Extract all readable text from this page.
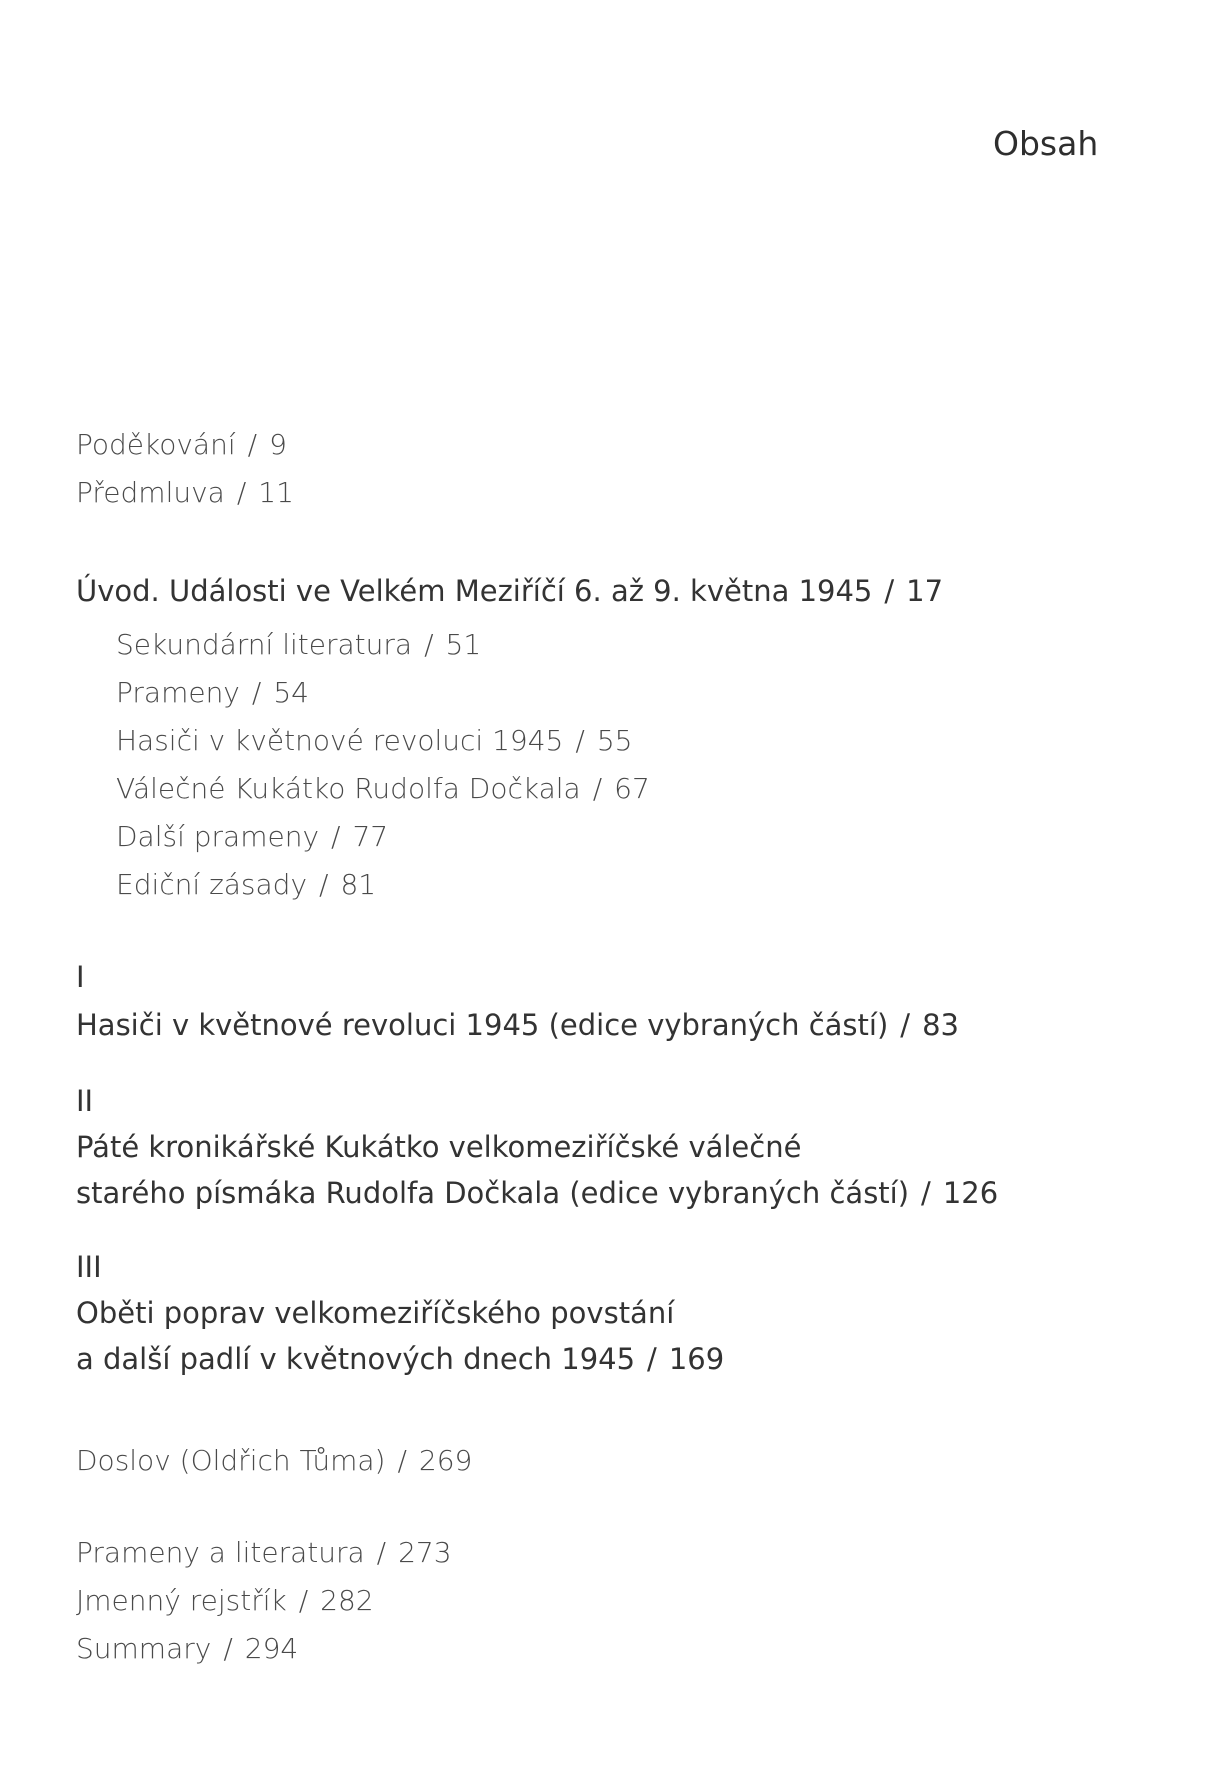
Obsah
Poděkování / 9
Předmluva / 11
Úvod. Události ve Velkém Meziříčí 6. až 9. května 1945 / 17
Sekundární literatura / 51
Prameny / 54
Hasiči v květnové revoluci 1945 / 55
Válečné Kukátko Rudolfa Dočkala / 67
Další prameny / 77
Ediční zásady / 81
I
Hasiči v květnové revoluci 1945 (edice vybraných částí) / 83
II
Páté kronikářské Kukátko velkomeziříčské válečné
starého písmáka Rudolfa Dočkala (edice vybraných částí) / 126
III
Oběti poprav velkomeziříčského povstání
a další padlí v květnových dnech 1945 / 169
Doslov (Oldřich Tůma) / 269
Prameny a literatura / 273
Jmenný rejstřík / 282
Summary / 294
